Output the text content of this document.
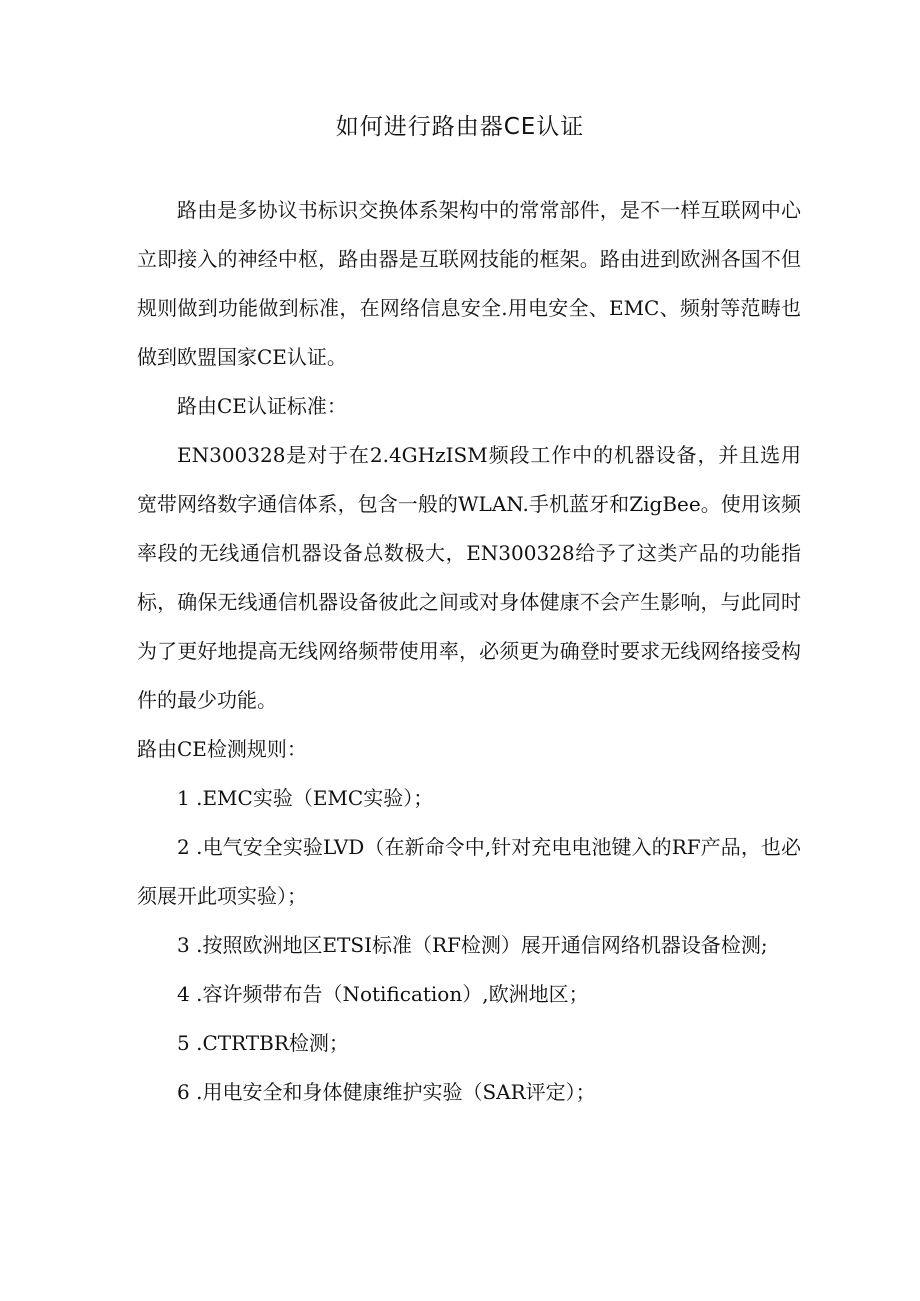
如何进行路由器CE认证

路由是多协议书标识交换体系架构中的常常部件，是不一样互联网中心立即接入的神经中枢，路由器是互联网技能的框架。路由进到欧洲各国不但规则做到功能做到标准，在网络信息安全.用电安全、EMC、频射等范畴也做到欧盟国家CE认证。

路由CE认证标准：

EN300328是对于在2.4GHzISM频段工作中的机器设备，并且选用宽带网络数字通信体系，包含一般的WLAN.手机蓝牙和ZigBee。使用该频率段的无线通信机器设备总数极大，EN300328给予了这类产品的功能指标，确保无线通信机器设备彼此之间或对身体健康不会产生影响，与此同时为了更好地提高无线网络频带使用率，必须更为确登时要求无线网络接受构件的最少功能。

路由CE检测规则：

1 .EMC实验（EMC实验）；

2 .电气安全实验LVD（在新命令中,针对充电电池键入的RF产品，也必须展开此项实验）；

3 .按照欧洲地区ETSI标准（RF检测）展开通信网络机器设备检测;

4 .容许频带布告（Notification）,欧洲地区；

5 .CTRTBR检测；

6 .用电安全和身体健康维护实验（SAR评定）；
